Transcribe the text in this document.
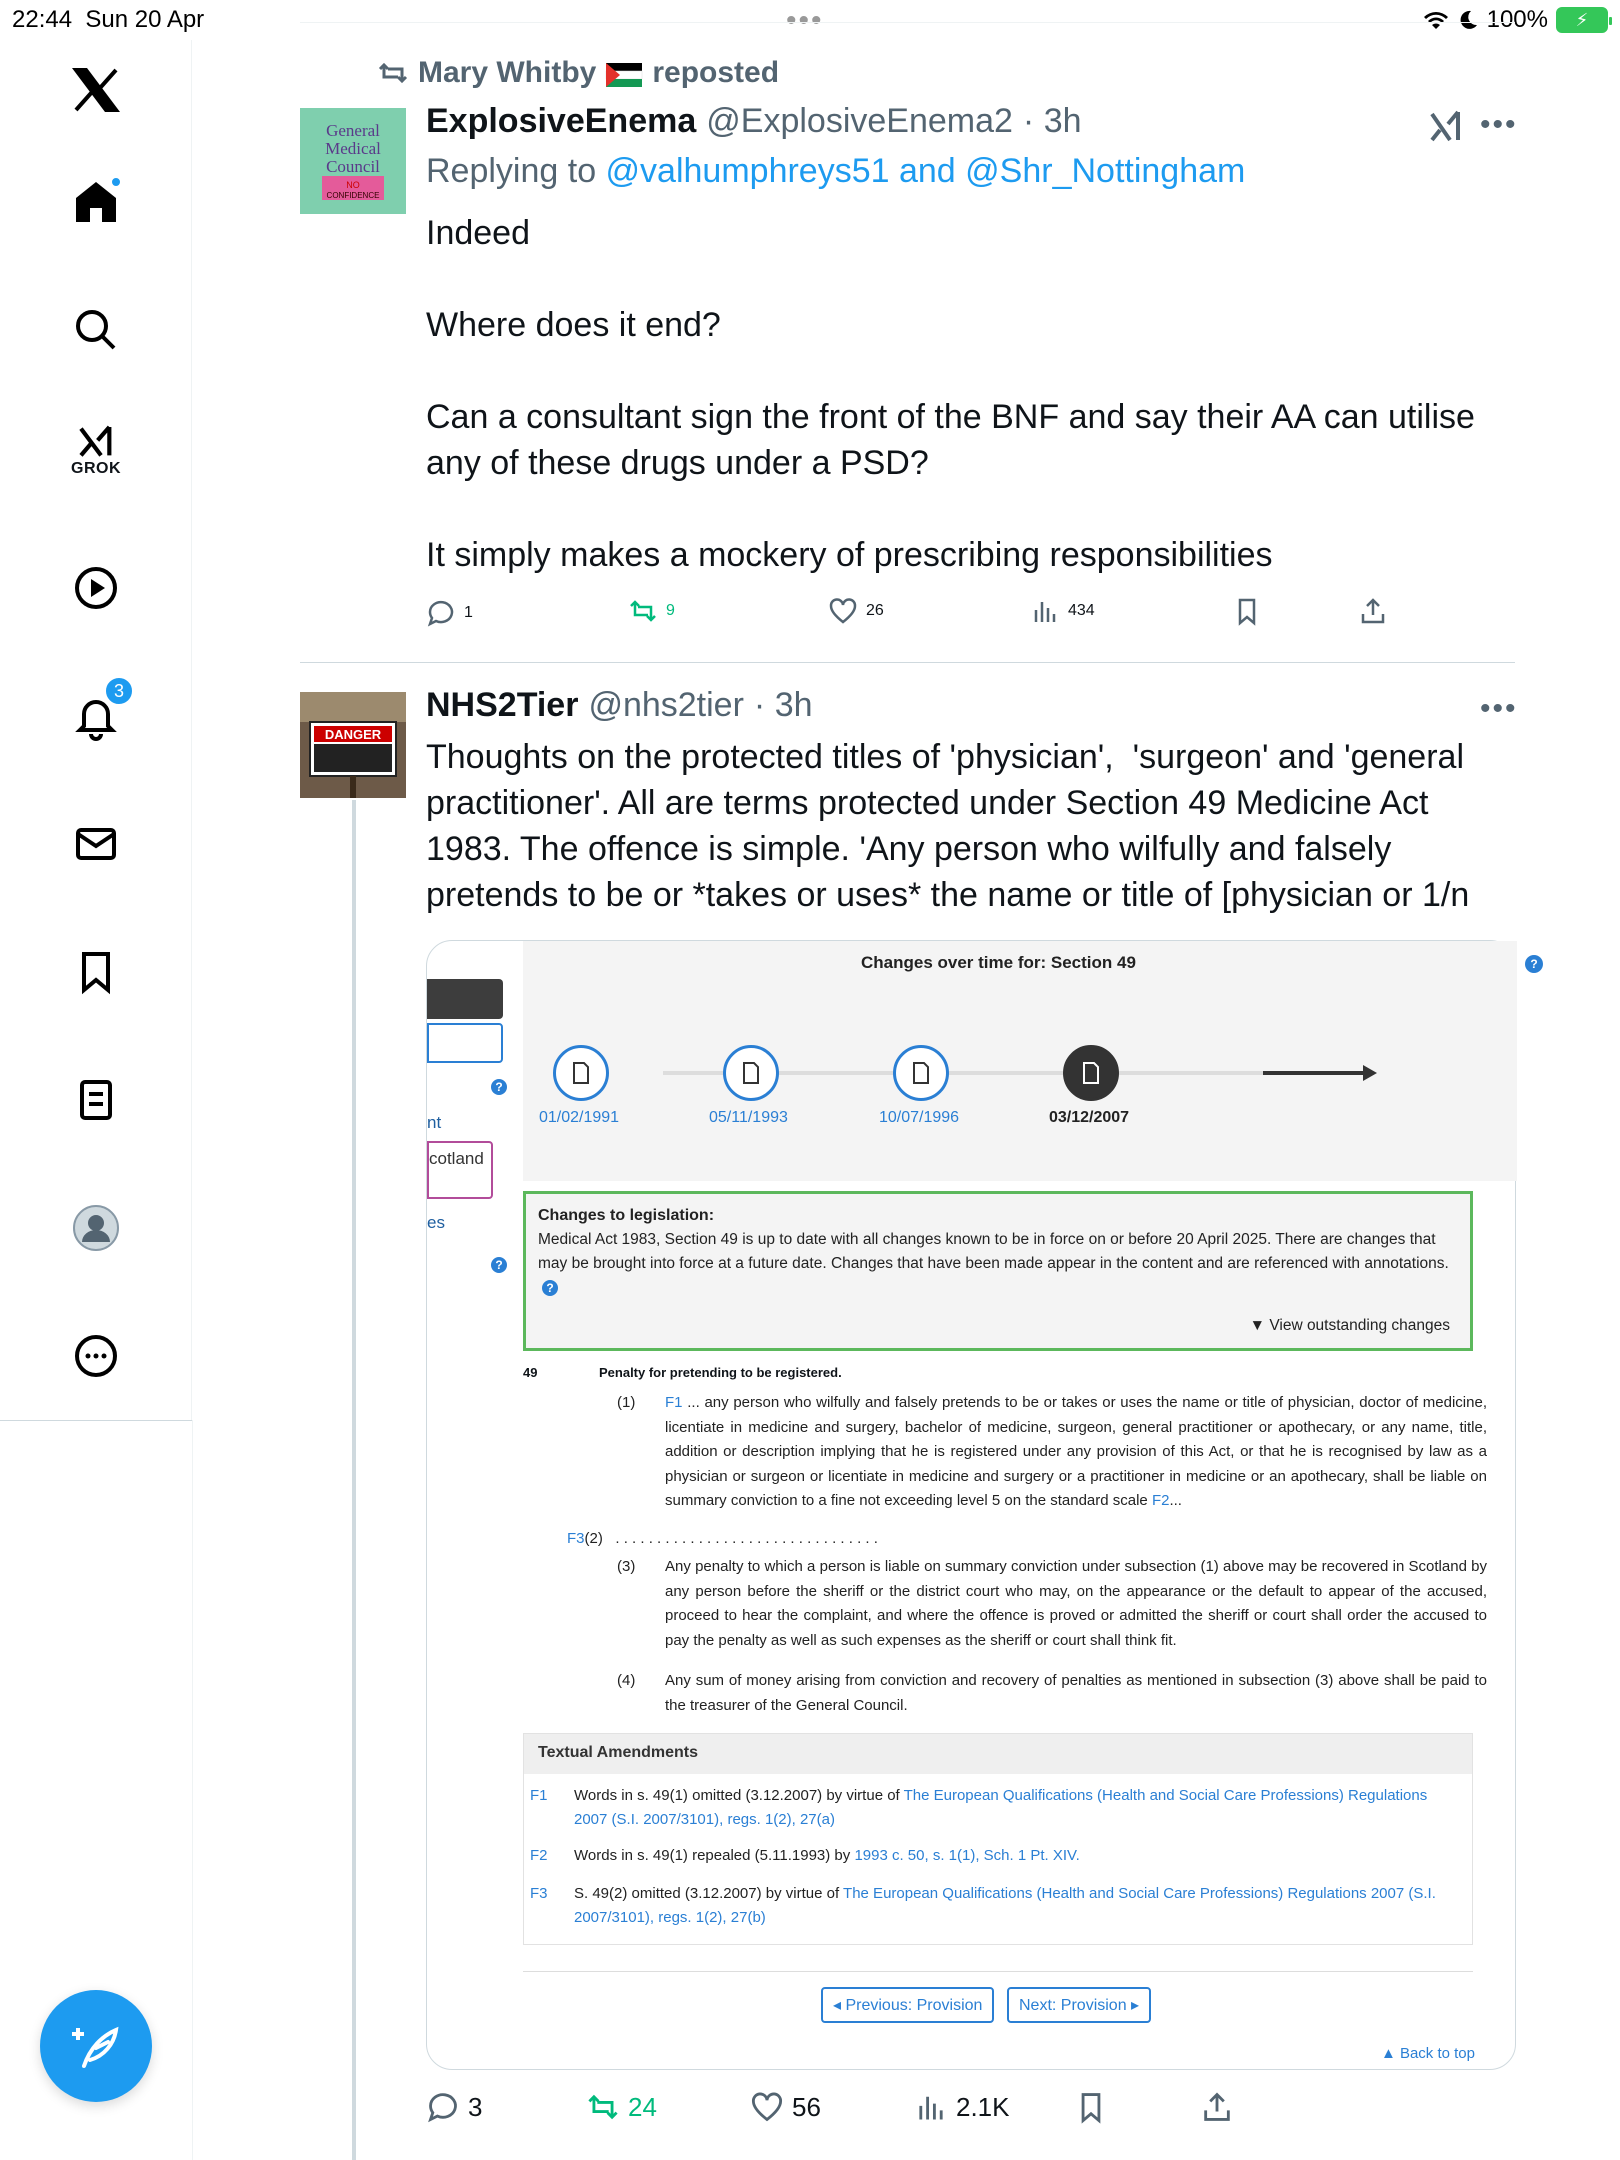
22:44 Sun 20 Apr	•••	100%	⚡
GROK
3
Mary Whitby reposted
General
Medical
Council
NO
CONFIDENCE
ExplosiveEnema @ExplosiveEnema2 · 3h	•••
Replying to @valhumphreys51 and @Shr_Nottingham
Indeed

Where does it end?

Can a consultant sign the front of the BNF and say their AA can utilise
any of these drugs under a PSD?

It simply makes a mockery of prescribing responsibilities
1	9	26	434
DANGER
NHS2Tier @nhs2tier · 3h	•••
Thoughts on the protected titles of 'physician',  'surgeon' and 'general
practitioner'. All are terms protected under Section 49 Medicine Act
1983. The offence is simple. 'Any person who wilfully and falsely
pretends to be or *takes or uses* the name or title of [physician or 1/n
?
nt
cotland
es
?
Changes over time for: Section 49	?
01/02/1991	05/11/1993	10/07/1996	03/12/2007
Changes to legislation:
Medical Act 1983, Section 49 is up to date with all changes known to be in force on or before 20 April 2025. There are changes that may be brought into force at a future date. Changes that have been made appear in the content and are referenced with annotations. ?
▼ View outstanding changes
49	Penalty for pretending to be registered.
(1) F1 ... any person who wilfully and falsely pretends to be or takes or uses the name or title of physician, doctor of medicine, licentiate in medicine and surgery, bachelor of medicine, surgeon, general practitioner or apothecary, or any name, title, addition or description implying that he is registered under any provision of this Act, or that he is recognised by law as a physician or surgeon or licentiate in medicine and surgery or a practitioner in medicine or an apothecary, shall be liable on summary conviction to a fine not exceeding level 5 on the standard scale F2...
F3(2) . . . . . . . . . . . . . . . . . . . . . . . . . . . . . . . .
(3) Any penalty to which a person is liable on summary conviction under subsection (1) above may be recovered in Scotland by any person before the sheriff or the district court who may, on the appearance or the default to appear of the accused, proceed to hear the complaint, and where the offence is proved or admitted the sheriff or court shall order the accused to pay the penalty as well as such expenses as the sheriff or court shall think fit.
(4) Any sum of money arising from conviction and recovery of penalties as mentioned in subsection (3) above shall be paid to the treasurer of the General Council.
Textual Amendments
F1 Words in s. 49(1) omitted (3.12.2007) by virtue of The European Qualifications (Health and Social Care Professions) Regulations 2007 (S.I. 2007/3101), regs. 1(2), 27(a)
F2 Words in s. 49(1) repealed (5.11.1993) by 1993 c. 50, s. 1(1), Sch. 1 Pt. XIV.
F3 S. 49(2) omitted (3.12.2007) by virtue of The European Qualifications (Health and Social Care Professions) Regulations 2007 (S.I. 2007/3101), regs. 1(2), 27(b)
◂ Previous: Provision	Next: Provision ▸
▲ Back to top
3	24	56	2.1K
